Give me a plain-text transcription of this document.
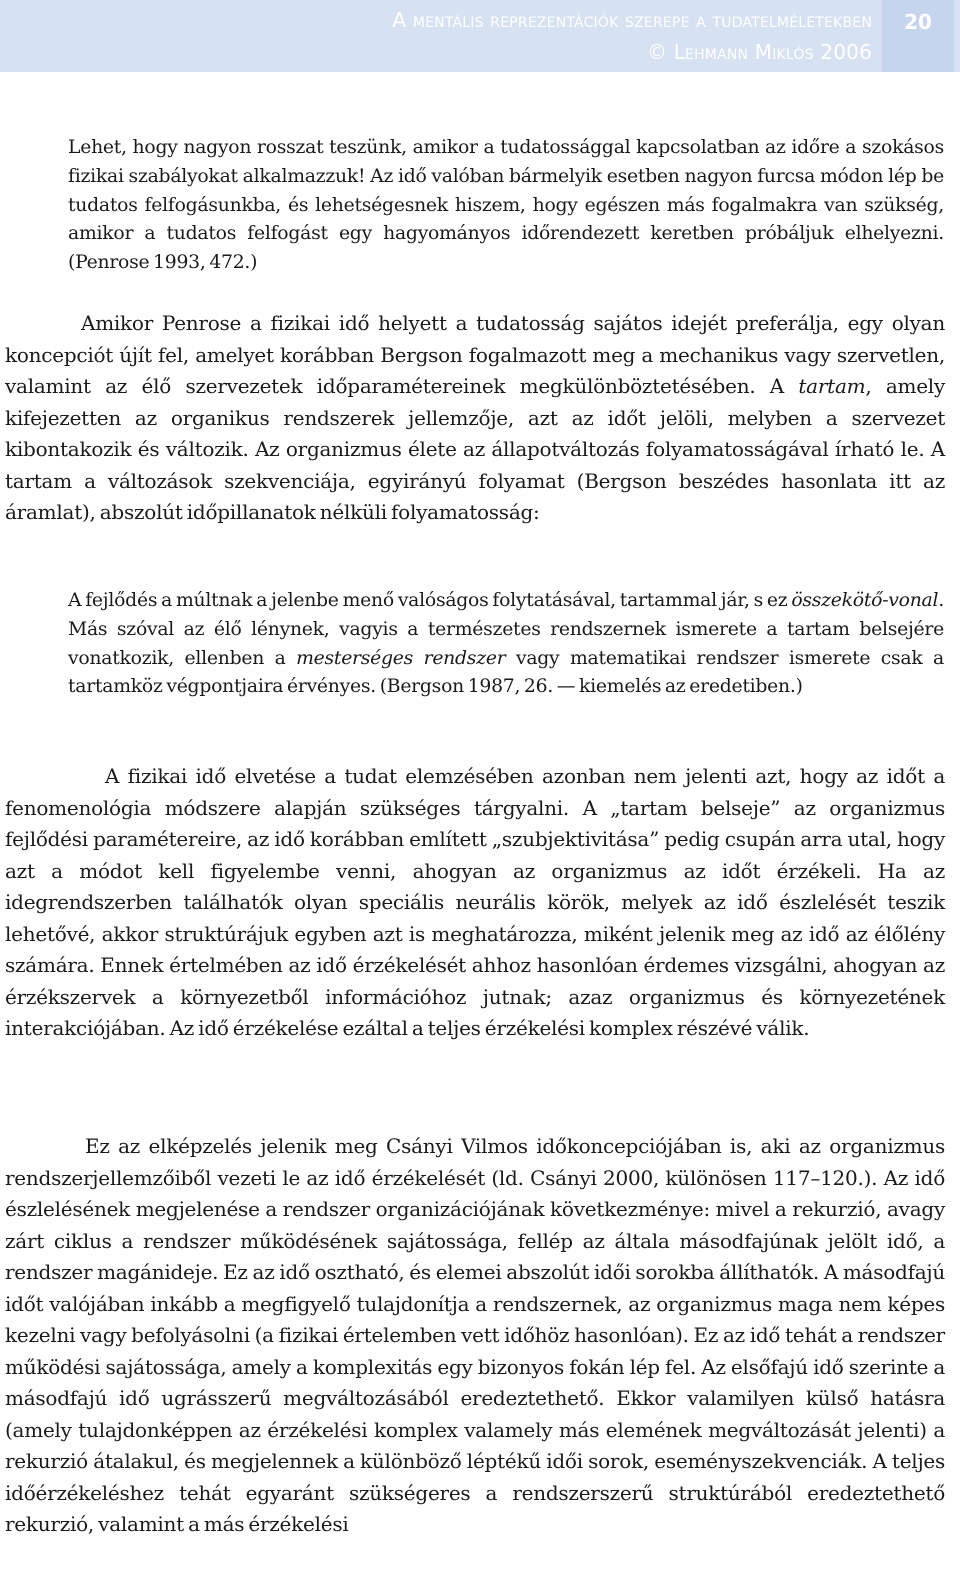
A mentális reprezentációk szerepe a tudatelméletekben
© Lehmann Miklós 2006
20

Lehet, hogy nagyon rosszat teszünk, amikor a tudatossággal kapcsolatban az időre a szokásos fizikai szabályokat alkalmazzuk! Az idő valóban bármelyik esetben nagyon furcsa módon lép be tudatos felfogásunkba, és lehetségesnek hiszem, hogy egészen más fogalmakra van szükség, amikor a tudatos felfogást egy hagyományos időrendezett keretben próbáljuk elhelyezni. (Penrose 1993, 472.)

Amikor Penrose a fizikai idő helyett a tudatosság sajátos idejét preferálja, egy olyan koncepciót újít fel, amelyet korábban Bergson fogalmazott meg a mechanikus vagy szervetlen, valamint az élő szervezetek időparamétereinek megkülönböztetésében. A tartam, amely kifejezetten az organikus rendszerek jellemzője, azt az időt jelöli, melyben a szervezet kibontakozik és változik. Az organizmus élete az állapotváltozás folyamatosságával írható le. A tartam a változások szekvenciája, egyirányú folyamat (Bergson beszédes hasonlata itt az áramlat), abszolút időpillanatok nélküli folyamatosság:

A fejlődés a múltnak a jelenbe menő valóságos folytatásával, tartammal jár, s ez összekötő-vonal. Más szóval az élő lénynek, vagyis a természetes rendszernek ismerete a tartam belsejére vonatkozik, ellenben a mesterséges rendszer vagy matematikai rendszer ismerete csak a tartamköz végpontjaira érvényes. (Bergson 1987, 26. — kiemelés az eredetiben.)

A fizikai idő elvetése a tudat elemzésében azonban nem jelenti azt, hogy az időt a fenomenológia módszere alapján szükséges tárgyalni. A „tartam belseje” az organizmus fejlődési paramétereire, az idő korábban említett „szubjektivitása” pedig csupán arra utal, hogy azt a módot kell figyelembe venni, ahogyan az organizmus az időt érzékeli. Ha az idegrendszerben találhatók olyan speciális neurális körök, melyek az idő észlelését teszik lehetővé, akkor struktúrájuk egyben azt is meghatározza, miként jelenik meg az idő az élőlény számára. Ennek értelmében az idő érzékelését ahhoz hasonlóan érdemes vizsgálni, ahogyan az érzékszervek a környezetből információhoz jutnak; azaz organizmus és környezetének interakciójában. Az idő érzékelése ezáltal a teljes érzékelési komplex részévé válik.

Ez az elképzelés jelenik meg Csányi Vilmos időkoncepciójában is, aki az organizmus rendszerjellemzőiből vezeti le az idő érzékelését (ld. Csányi 2000, különösen 117–120.). Az idő észlelésének megjelenése a rendszer organizációjának következménye: mivel a rekurzió, avagy zárt ciklus a rendszer működésének sajátossága, fellép az általa másodfajúnak jelölt idő, a rendszer magánideje. Ez az idő osztható, és elemei abszolút idői sorokba állíthatók. A másodfajú időt valójában inkább a megfigyelő tulajdonítja a rendszernek, az organizmus maga nem képes kezelni vagy befolyásolni (a fizikai értelemben vett időhöz hasonlóan). Ez az idő tehát a rendszer működési sajátossága, amely a komplexitás egy bizonyos fokán lép fel. Az elsőfajú idő szerinte a másodfajú idő ugrásszerű megváltozásából eredeztethető. Ekkor valamilyen külső hatásra (amely tulajdonképpen az érzékelési komplex valamely más elemének megváltozását jelenti) a rekurzió átalakul, és megjelennek a különböző léptékű idői sorok, eseményszekvenciák. A teljes időérzékeléshez tehát egyaránt szükségeres a rendszerszerű struktúrából eredeztethető rekurzió, valamint a más érzékelési
